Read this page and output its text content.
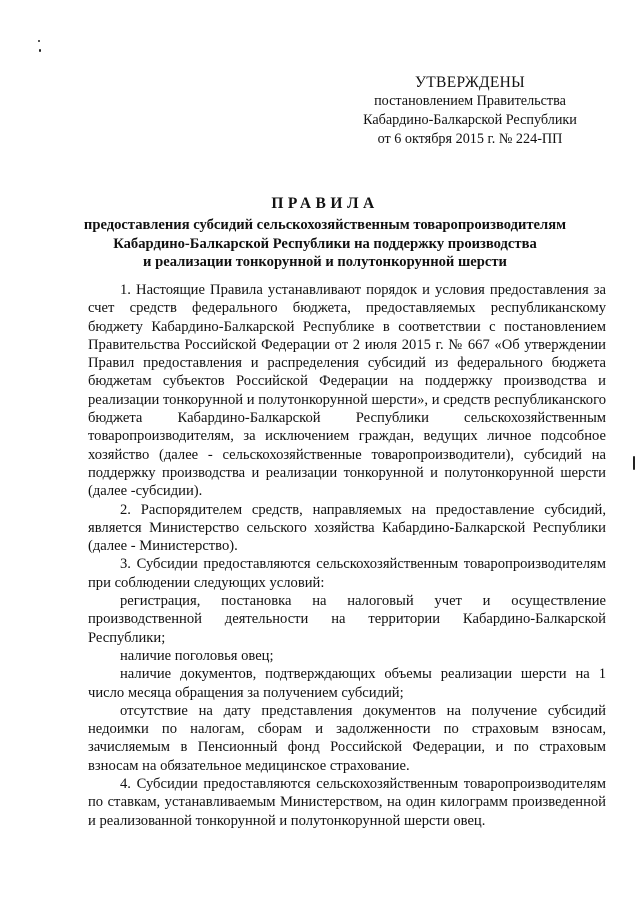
УТВЕРЖДЕНЫ
постановлением Правительства
Кабардино-Балкарской Республики
от 6 октября 2015 г. № 224-ПП
ПРАВИЛА
предоставления субсидий сельскохозяйственным товаропроизводителям
Кабардино-Балкарской Республики на поддержку производства
и реализации тонкорунной и полутонкорунной шерсти

1. Настоящие Правила устанавливают порядок и условия предоставления за счет средств федерального бюджета, предоставляемых республиканскому бюджету Кабардино-Балкарской Республике в соответствии с постановлением Правительства Российской Федерации от 2 июля 2015 г. № 667 «Об утверждении Правил предоставления и распределения субсидий из федерального бюджета бюджетам субъектов Российской Федерации на поддержку производства и реализации тонкорунной и полутонкорунной шерсти», и средств республиканского бюджета Кабардино-Балкарской Республики сельскохозяйственным товаропроизводителям, за исключением граждан, ведущих личное подсобное хозяйство (далее - сельскохозяйственные товаропроизводители), субсидий на поддержку производства и реализации тонкорунной и полутонкорунной шерсти (далее -субсидии).

2. Распорядителем средств, направляемых на предоставление субсидий, является Министерство сельского хозяйства Кабардино-Балкарской Республики (далее - Министерство).

3. Субсидии предоставляются сельскохозяйственным товаропроизводителям при соблюдении следующих условий:

регистрация, постановка на налоговый учет и осуществление производственной деятельности на территории Кабардино-Балкарской Республики;

наличие поголовья овец;

наличие документов, подтверждающих объемы реализации шерсти на 1 число месяца обращения за получением субсидий;

отсутствие на дату представления документов на получение субсидий недоимки по налогам, сборам и задолженности по страховым взносам, зачисляемым в Пенсионный фонд Российской Федерации, и по страховым взносам на обязательное медицинское страхование.

4. Субсидии предоставляются сельскохозяйственным товаропроизводителям по ставкам, устанавливаемым Министерством, на один килограмм произведенной и реализованной тонкорунной и полутонкорунной шерсти овец.
